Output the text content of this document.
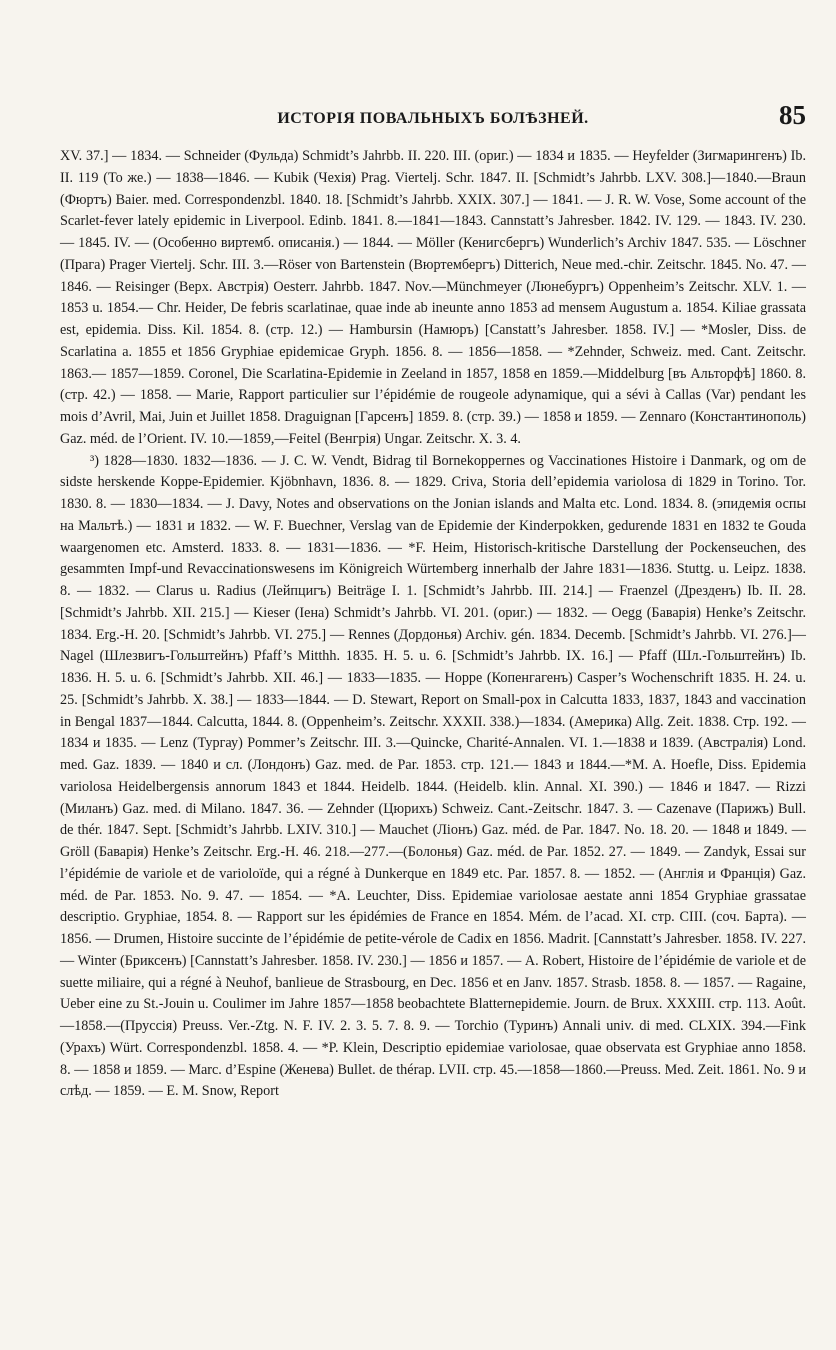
ИСТОРІЯ ПОВАЛЬНЫХЪ БОЛѢЗНЕЙ.	85

XV. 37.] — 1834. — Schneider (Фульда) Schmidt’s Jahrbb. II. 220. III. (ориг.) — 1834 и 1835. — Heyfelder (Зигмарингенъ) Ib. II. 119 (То же.) — 1838—1846. — Kubik (Чехія) Prag. Viertelj. Schr. 1847. II. [Schmidt’s Jahrbb. LXV. 308.]—1840.—Braun (Фюртъ) Baier. med. Correspondenzbl. 1840. 18. [Schmidt’s Jahrbb. XXIX. 307.] — 1841. — J. R. W. Vose, Some account of the Scarlet-fever lately epidemic in Liverpool. Edinb. 1841. 8.—1841—1843. Cannstatt’s Jahresber. 1842. IV. 129. — 1843. IV. 230. — 1845. IV. — (Особенно виртемб. описанія.) — 1844. — Möller (Кенигсбергъ) Wunderlich’s Archiv 1847. 535. — Löschner (Прага) Prager Viertelj. Schr. III. 3.—Röser von Bartenstein (Вюртембергъ) Ditterich, Neue med.-chir. Zeitschr. 1845. No. 47. — 1846. — Reisinger (Верх. Австрія) Oesterr. Jahrbb. 1847. Nov.—Münchmeyer (Люнебургъ) Oppenheim’s Zeitschr. XLV. 1. — 1853 u. 1854.— Chr. Heider, De febris scarlatinae, quae inde ab ineunte anno 1853 ad mensem Augustum a. 1854. Kiliae grassata est, epidemia. Diss. Kil. 1854. 8. (стр. 12.) — Hambursin (Намюръ) [Canstatt’s Jahresber. 1858. IV.] — *Mosler, Diss. de Scarlatina a. 1855 et 1856 Gryphiae epidemicae Gryph. 1856. 8. — 1856—1858. — *Zehnder, Schweiz. med. Cant. Zeitschr. 1863.— 1857—1859. Coronel, Die Scarlatina-Epidemie in Zeeland in 1857, 1858 en 1859.—Middelburg [въ Альторфѣ] 1860. 8. (стр. 42.) — 1858. — Marie, Rapport particulier sur l’épidémie de rougeole adynamique, qui a sévi à Callas (Var) pendant les mois d’Avril, Mai, Juin et Juillet 1858. Draguignan [Гарсенъ] 1859. 8. (стр. 39.) — 1858 и 1859. — Zennaro (Константинополь) Gaz. méd. de l’Orient. IV. 10.—1859,—Feitel (Венгрія) Ungar. Zeitschr. X. 3. 4.

³) 1828—1830. 1832—1836. — J. C. W. Vendt, Bidrag til Bornekoppernes og Vaccinationes Histoire i Danmark, og om de sidste herskende Koppe-Epidemier. Kjöbnhavn, 1836. 8. — 1829. Criva, Storia dell’epidemia variolosa di 1829 in Torino. Tor. 1830. 8. — 1830—1834. — J. Davy, Notes and observations on the Jonian islands and Malta etc. Lond. 1834. 8. (эпидемія оспы на Мальтѣ.) — 1831 и 1832. — W. F. Buechner, Verslag van de Epidemie der Kinderpokken, gedurende 1831 en 1832 te Gouda waargenomen etc. Amsterd. 1833. 8. — 1831—1836. — *F. Heim, Historisch-kritische Darstellung der Pockenseuchen, des gesammten Impf-und Revaccinationswesens im Königreich Würtemberg innerhalb der Jahre 1831—1836. Stuttg. u. Leipz. 1838. 8. — 1832. — Clarus u. Radius (Лейпцигъ) Beiträge I. 1. [Schmidt’s Jahrbb. III. 214.] — Fraenzel (Дрезденъ) Ib. II. 28. [Schmidt’s Jahrbb. XII. 215.] — Kieser (Іена) Schmidt’s Jahrbb. VI. 201. (ориг.) — 1832. — Oegg (Баварія) Henke’s Zeitschr. 1834. Erg.-H. 20. [Schmidt’s Jahrbb. VI. 275.] — Rennes (Дордонья) Archiv. gén. 1834. Decemb. [Schmidt’s Jahrbb. VI. 276.]—Nagel (Шлезвигъ-Гольштейнъ) Pfaff’s Mitthh. 1835. H. 5. u. 6. [Schmidt’s Jahrbb. IX. 16.] — Pfaff (Шл.-Гольштейнъ) Ib. 1836. H. 5. u. 6. [Schmidt’s Jahrbb. XII. 46.] — 1833—1835. — Hoppe (Копенгагенъ) Casper’s Wochenschrift 1835. H. 24. u. 25. [Schmidt’s Jahrbb. X. 38.] — 1833—1844. — D. Stewart, Report on Small-pox in Calcutta 1833, 1837, 1843 and vaccination in Bengal 1837—1844. Calcutta, 1844. 8. (Oppenheim’s. Zeitschr. XXXII. 338.)—1834. (Америка) Allg. Zeit. 1838. Стр. 192. — 1834 и 1835. — Lenz (Тургау) Pommer’s Zeitschr. III. 3.—Quincke, Charité-Annalen. VI. 1.—1838 и 1839. (Австралія) Lond. med. Gaz. 1839. — 1840 и сл. (Лондонъ) Gaz. med. de Par. 1853. стр. 121.— 1843 и 1844.—*M. A. Hoefle, Diss. Epidemia variolosa Heidelbergensis annorum 1843 et 1844. Heidelb. 1844. (Heidelb. klin. Annal. XI. 390.) — 1846 и 1847. — Rizzi (Миланъ) Gaz. med. di Milano. 1847. 36. — Zehnder (Цюрихъ) Schweiz. Cant.-Zeitschr. 1847. 3. — Cazenave (Парижъ) Bull. de thér. 1847. Sept. [Schmidt’s Jahrbb. LXIV. 310.] — Mauchet (Ліонъ) Gaz. méd. de Par. 1847. No. 18. 20. — 1848 и 1849. — Gröll (Баварія) Henke’s Zeitschr. Erg.-H. 46. 218.—277.—(Болонья) Gaz. méd. de Par. 1852. 27. — 1849. — Zandyk, Essai sur l’épidémie de variole et de varioloïde, qui a régné à Dunkerque en 1849 etc. Par. 1857. 8. — 1852. — (Англія и Франція) Gaz. méd. de Par. 1853. No. 9. 47. — 1854. — *A. Leuchter, Diss. Epidemiae variolosae aestate anni 1854 Gryphiae grassatae descriptio. Gryphiae, 1854. 8. — Rapport sur les épidémies de France en 1854. Mém. de l’acad. XI. стр. CIII. (соч. Барта). — 1856. — Drumen, Histoire succinte de l’épidémie de petite-vérole de Cadix en 1856. Madrit. [Cannstatt’s Jahresber. 1858. IV. 227. — Winter (Бриксенъ) [Cannstatt’s Jahresber. 1858. IV. 230.] — 1856 и 1857. — A. Robert, Histoire de l’épidémie de variole et de suette miliaire, qui a régné à Neuhof, banlieue de Strasbourg, en Dec. 1856 et en Janv. 1857. Strasb. 1858. 8. — 1857. — Ragaine, Ueber eine zu St.-Jouin u. Coulimer im Jahre 1857—1858 beobachtete Blatternepidemie. Journ. de Brux. XXXIII. стр. 113. Août.—1858.—(Пруссія) Preuss. Ver.-Ztg. N. F. IV. 2. 3. 5. 7. 8. 9. — Torchio (Туринъ) Annali univ. di med. CLXIX. 394.—Fink (Урахъ) Würt. Correspondenzbl. 1858. 4. — *P. Klein, Descriptio epidemiae variolosae, quae observata est Gryphiae anno 1858. 8. — 1858 и 1859. — Marc. d’Espine (Женева) Bullet. de thérap. LVII. стр. 45.—1858—1860.—Preuss. Med. Zeit. 1861. No. 9 и слѣд. — 1859. — E. M. Snow, Report
